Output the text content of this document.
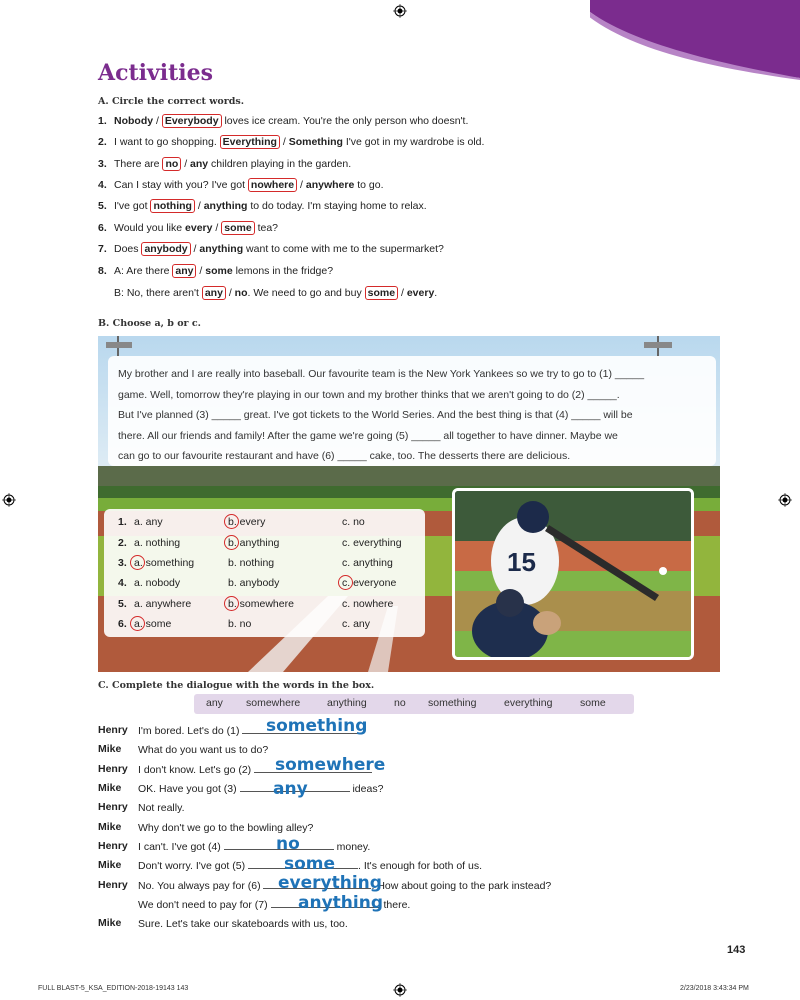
Activities
A. Circle the correct words.
1. Nobody / Everybody loves ice cream. You're the only person who doesn't.
2. I want to go shopping. Everything / Something I've got in my wardrobe is old.
3. There are no / any children playing in the garden.
4. Can I stay with you? I've got nowhere / anywhere to go.
5. I've got nothing / anything to do today. I'm staying home to relax.
6. Would you like every / some tea?
7. Does anybody / anything want to come with me to the supermarket?
8. A: Are there any / some lemons in the fridge?
B: No, there aren't any / no. We need to go and buy some / every.
B. Choose a, b or c.
My brother and I are really into baseball. Our favourite team is the New York Yankees so we try to go to (1) _____
game. Well, tomorrow they're playing in our town and my brother thinks that we aren't going to do (2) _____.
But I've planned (3) _____ great. I've got tickets to the World Series. And the best thing is that (4) _____ will be
there. All our friends and family! After the game we're going (5) _____ all together to have dinner. Maybe we
can go to our favourite restaurant and have (6) _____ cake, too. The desserts there are delicious.
1. a. any	b. every	c. no
2. a. nothing	b. anything	c. everything
3. a. something	b. nothing	c. anything
4. a. nobody	b. anybody	c. everyone
5. a. anywhere	b. somewhere	c. nowhere
6. a. some	b. no	c. any
15
C. Complete the dialogue with the words in the box.
any somewhere	anything	no something	everything	some
Henry I'm bored. Let's do (1)
Mike What do you want us to do?
Henry I don't know. Let's go (2)
Mike OK. Have you got (3)	ideas?
Henry Not really.
Mike Why don't we go to the bowling alley?
Henry I can't. I've got (4)	money.
Mike Don't worry. I've got (5)	. It's enough for both of us.
Henry No. You always pay for (6)	. How about going to the park instead?
We don't need to pay for (7)	there.
Mike Sure. Let's take our skateboards with us, too.
something
somewhere
any
no
some
everything
anything
143
FULL BLAST-5_KSA_EDITION-2018-19143 143	2/23/2018 3:43:34 PM
